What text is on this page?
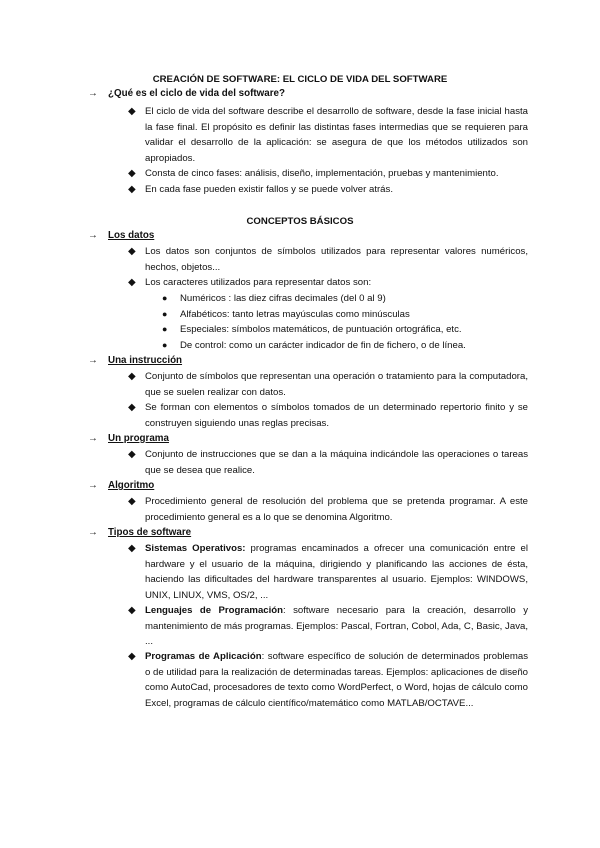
CREACIÓN DE SOFTWARE: EL CICLO DE VIDA DEL SOFTWARE

→ ¿Qué es el ciclo de vida del software?

◆ El ciclo de vida del software describe el desarrollo de software, desde la fase inicial hasta la fase final. El propósito es definir las distintas fases intermedias que se requieren para validar el desarrollo de la aplicación: se asegura de que los métodos utilizados son apropiados.
◆ Consta de cinco fases: análisis, diseño, implementación, pruebas y mantenimiento.
◆ En cada fase pueden existir fallos y se puede volver atrás.

CONCEPTOS BÁSICOS

→ Los datos

◆ Los datos son conjuntos de símbolos utilizados para representar valores numéricos, hechos, objetos...
◆ Los caracteres utilizados para representar datos son:
● Numéricos : las diez cifras decimales (del 0 al 9)
● Alfabéticos: tanto letras mayúsculas como minúsculas
● Especiales: símbolos matemáticos, de puntuación ortográfica, etc.
● De control: como un carácter indicador de fin de fichero, o de línea.

→ Una instrucción

◆ Conjunto de símbolos que representan una operación o tratamiento para la computadora, que se suelen realizar con datos.
◆ Se forman con elementos o símbolos tomados de un determinado repertorio finito y se construyen siguiendo unas reglas precisas.

→ Un programa

◆ Conjunto de instrucciones que se dan a la máquina indicándole las operaciones o tareas que se desea que realice.

→ Algoritmo

◆ Procedimiento general de resolución del problema que se pretenda programar. A este procedimiento general es a lo que se denomina Algoritmo.

→ Tipos de software

◆ Sistemas Operativos: programas encaminados a ofrecer una comunicación entre el hardware y el usuario de la máquina, dirigiendo y planificando las acciones de ésta, haciendo las dificultades del hardware transparentes al usuario. Ejemplos: WINDOWS, UNIX, LINUX, VMS, OS/2, ...
◆ Lenguajes de Programación: software necesario para la creación, desarrollo y mantenimiento de más programas. Ejemplos: Pascal, Fortran, Cobol, Ada, C, Basic, Java, ...
◆ Programas de Aplicación: software específico de solución de determinados problemas o de utilidad para la realización de determinadas tareas. Ejemplos: aplicaciones de diseño como AutoCad, procesadores de texto como WordPerfect, o Word, hojas de cálculo como Excel, programas de cálculo científico/matemático como MATLAB/OCTAVE...
